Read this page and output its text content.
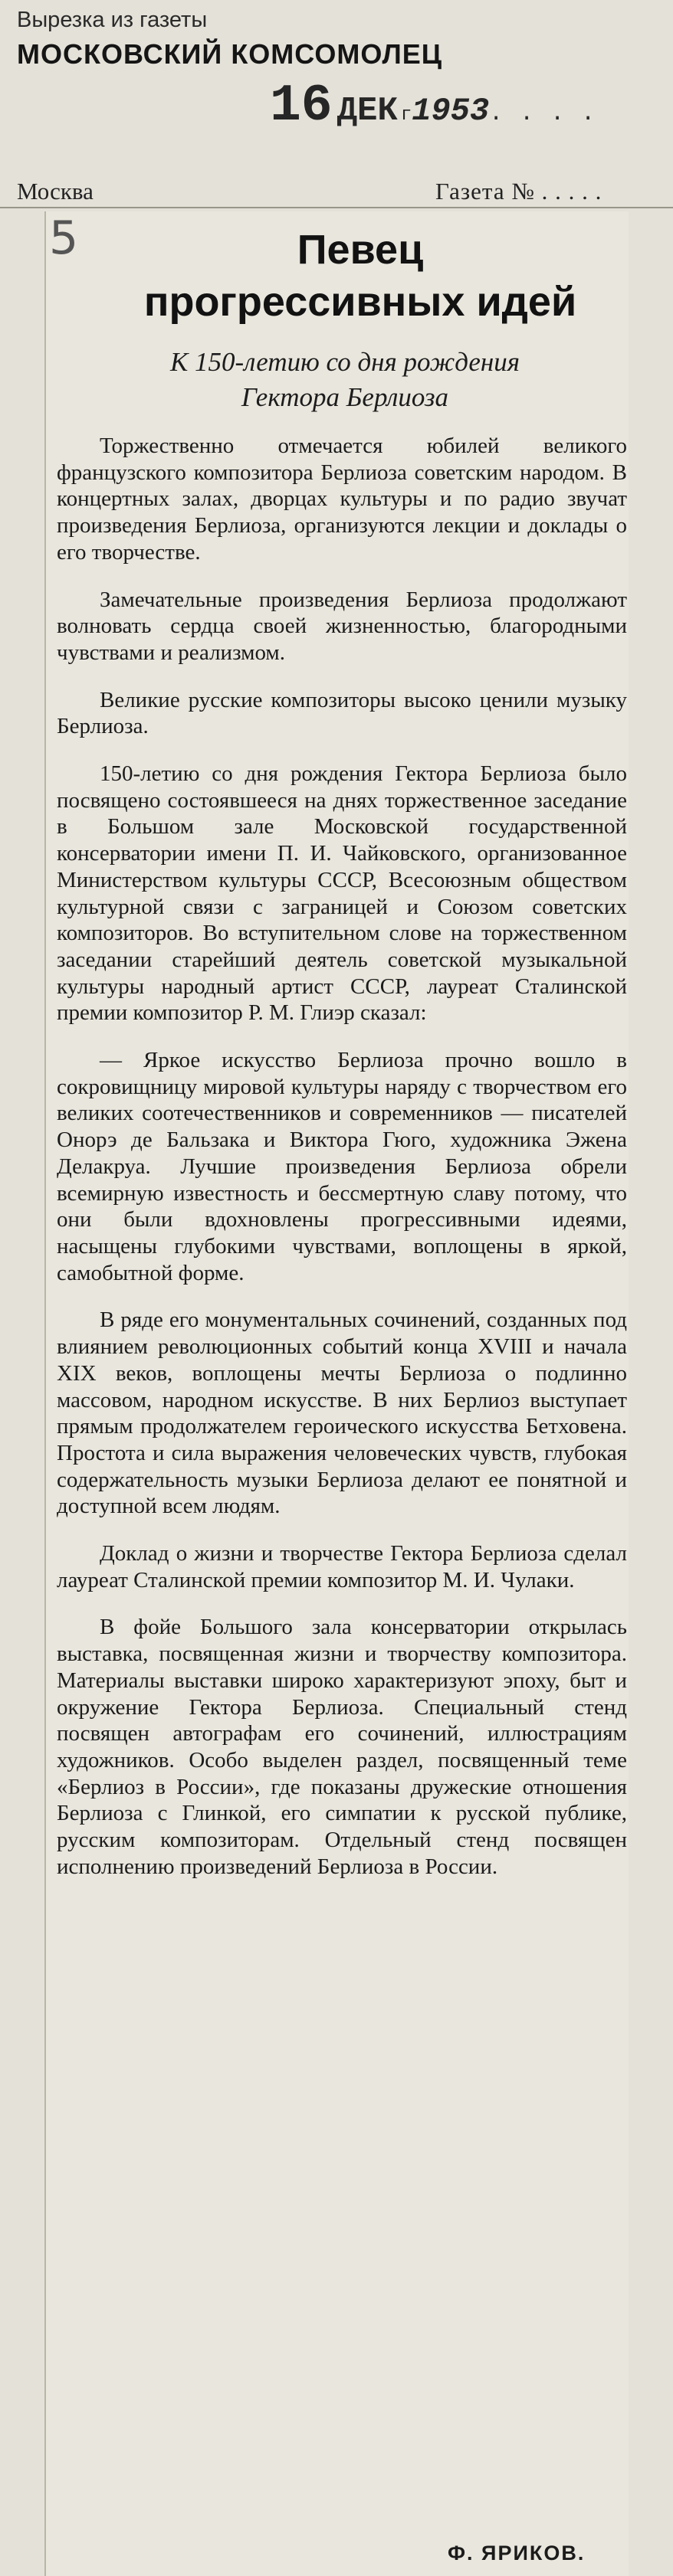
Вырезка из газеты
МОСКОВСКИЙ КОМСОМОЛЕЦ
16 ДЕК г1953. . . .
Москва	Газета № . . . . .
5	Певец
прогрессивных идей
К 150-летию со дня рождения
Гектора Берлиоза

Торжественно отмечается юбилей великого французского композитора Берлиоза советским народом. В концертных залах, дворцах культуры и по радио звучат произведения Берлиоза, организуются лекции и доклады о его творчестве.

Замечательные произведения Берлиоза продолжают волновать сердца своей жизненностью, благородными чувствами и реализмом.

Великие русские композиторы высоко ценили музыку Берлиоза.

150-летию со дня рождения Гектора Берлиоза было посвящено состоявшееся на днях торжественное заседание в Большом зале Московской государственной консерватории имени П. И. Чайковского, организованное Министерством культуры СССР, Всесоюзным обществом культурной связи с заграницей и Союзом советских композиторов. Во вступительном слове на торжественном заседании старейший деятель советской музыкальной культуры народный артист СССР, лауреат Сталинской премии композитор Р. М. Глиэр сказал:

— Яркое искусство Берлиоза прочно вошло в сокровищницу мировой культуры наряду с творчеством его великих соотечественников и современников — писателей Онорэ де Бальзака и Виктора Гюго, художника Эжена Делакруа. Лучшие произведения Берлиоза обрели всемирную известность и бессмертную славу потому, что они были вдохновлены прогрессивными идеями, насыщены глубокими чувствами, воплощены в яркой, самобытной форме.

В ряде его монументальных сочинений, созданных под влиянием революционных событий конца XVIII и начала XIX веков, воплощены мечты Берлиоза о подлинно массовом, народном искусстве. В них Берлиоз выступает прямым продолжателем героического искусства Бетховена. Простота и сила выражения человеческих чувств, глубокая содержательность музыки Берлиоза делают ее понятной и доступной всем людям.

Доклад о жизни и творчестве Гектора Берлиоза сделал лауреат Сталинской премии композитор М. И. Чулаки.

В фойе Большого зала консерватории открылась выставка, посвященная жизни и творчеству композитора. Материалы выставки широко характеризуют эпоху, быт и окружение Гектора Берлиоза. Специальный стенд посвящен автографам его сочинений, иллюстрациям художников. Особо выделен раздел, посвященный теме «Берлиоз в России», где показаны дружеские отношения Берлиоза с Глинкой, его симпатии к русской публике, русским композиторам. Отдельный стенд посвящен исполнению произведений Берлиоза в России.

Ф. ЯРИКОВ.
